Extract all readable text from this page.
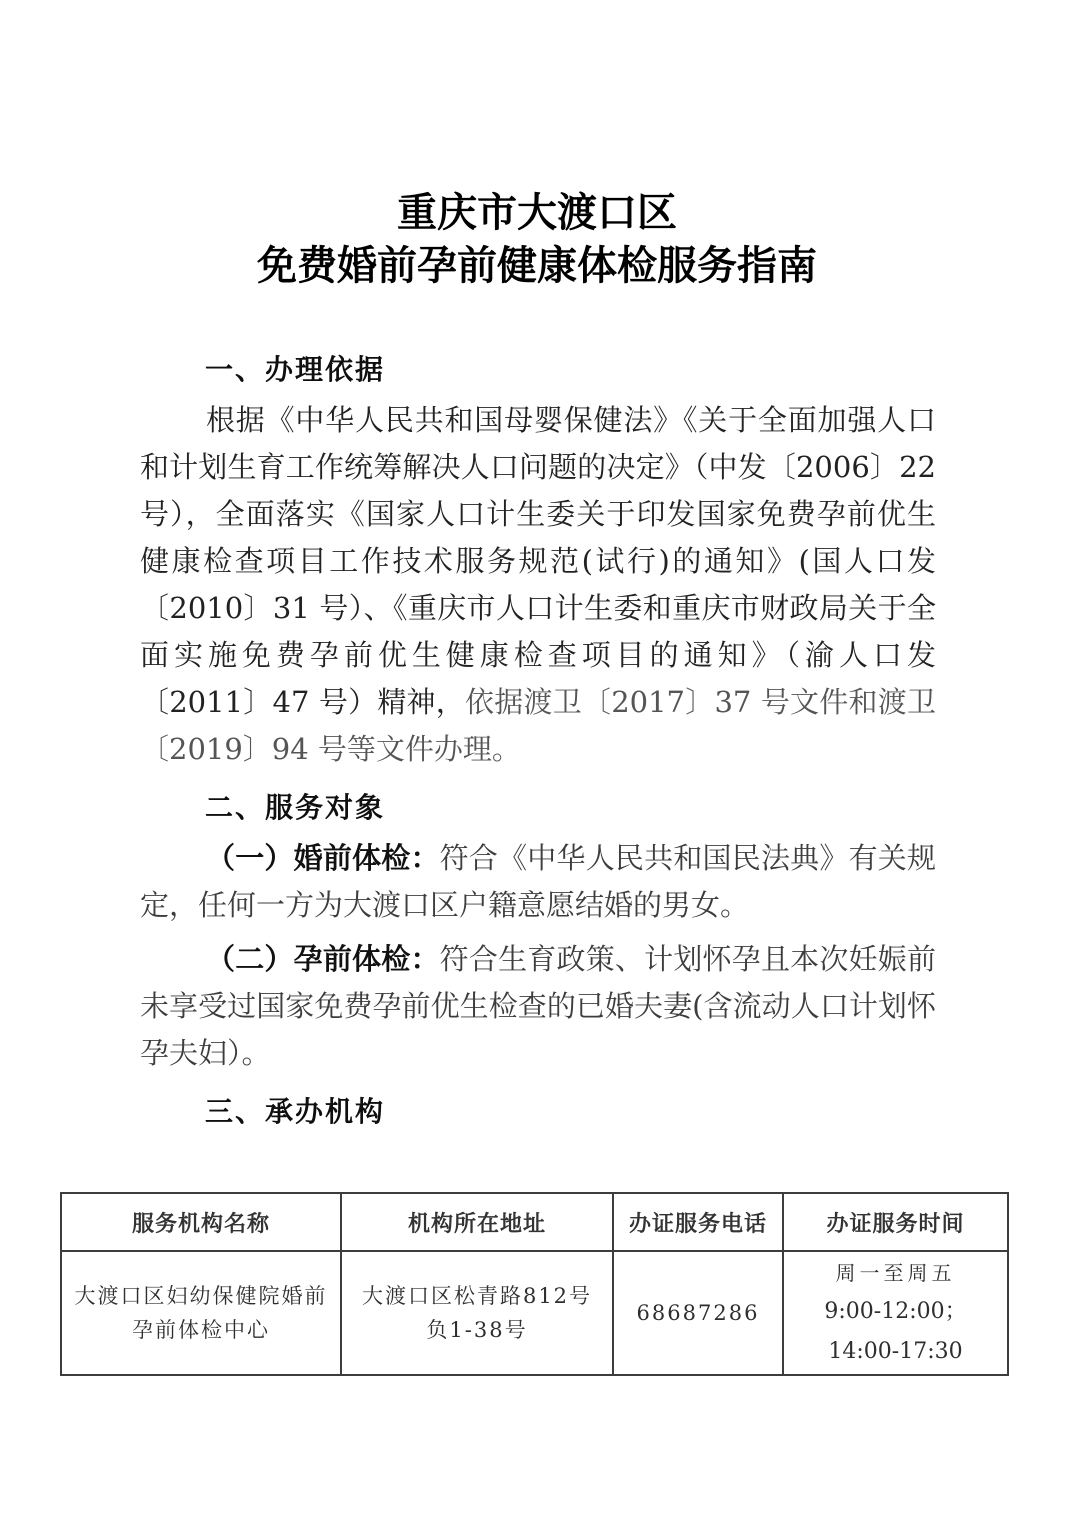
重庆市大渡口区
免费婚前孕前健康体检服务指南
一、办理依据

根据《中华人民共和国母婴保健法》《关于全面加强人口和计划生育工作统筹解决人口问题的决定》（中发〔2006〕22 号），全面落实《国家人口计生委关于印发国家免费孕前优生健康检查项目工作技术服务规范(试行)的通知》(国人口发〔2010〕31 号）、《重庆市人口计生委和重庆市财政局关于全面实施免费孕前优生健康检查项目的通知》（渝人口发〔2011〕47 号）精神，依据渡卫〔2017〕37 号文件和渡卫〔2019〕94 号等文件办理。

二、服务对象

（一）婚前体检：符合《中华人民共和国民法典》有关规定，任何一方为大渡口区户籍意愿结婚的男女。

（二）孕前体检：符合生育政策、计划怀孕且本次妊娠前未享受过国家免费孕前优生检查的已婚夫妻(含流动人口计划怀孕夫妇）。

三、承办机构
服务机构名称	机构所在地址	办证服务电话	办证服务时间
大渡口区妇幼保健院婚前孕前体检中心	大渡口区松青路812号负1-38号	68687286	周一至周五
9:00-12:00；14:00-17:30
